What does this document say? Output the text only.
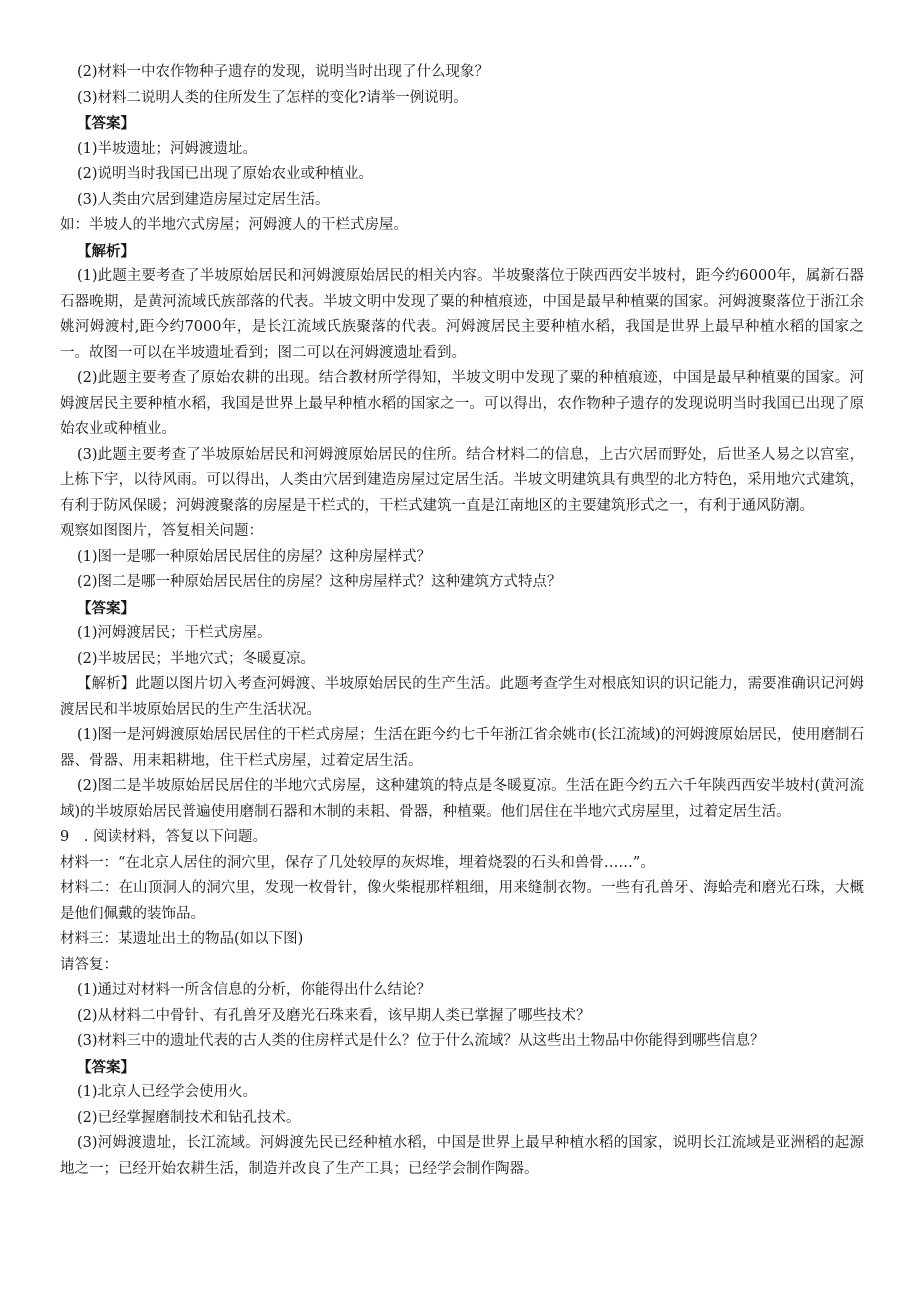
(2)材料一中农作物种子遗存的发现，说明当时出现了什么现象？

(3)材料二说明人类的住所发生了怎样的变化?请举一例说明。

【答案】

(1)半坡遗址；河姆渡遗址。

(2)说明当时我国已出现了原始农业或种植业。

(3)人类由穴居到建造房屋过定居生活。

如：半坡人的半地穴式房屋；河姆渡人的干栏式房屋。

【解析】

(1)此题主要考查了半坡原始居民和河姆渡原始居民的相关内容。半坡聚落位于陕西西安半坡村，距今约6000年，属新石器石器晚期，是黄河流域氏族部落的代表。半坡文明中发现了粟的种植痕迹，中国是最早种植粟的国家。河姆渡聚落位于浙江余姚河姆渡村,距今约7000年，是长江流域氏族聚落的代表。河姆渡居民主要种植水稻，我国是世界上最早种植水稻的国家之一。故图一可以在半坡遗址看到；图二可以在河姆渡遗址看到。

(2)此题主要考查了原始农耕的出现。结合教材所学得知，半坡文明中发现了粟的种植痕迹，中国是最早种植粟的国家。河姆渡居民主要种植水稻，我国是世界上最早种植水稻的国家之一。可以得出，农作物种子遗存的发现说明当时我国已出现了原始农业或种植业。

(3)此题主要考查了半坡原始居民和河姆渡原始居民的住所。结合材料二的信息，上古穴居而野处，后世圣人易之以宫室，上栋下宇，以待风雨。可以得出，人类由穴居到建造房屋过定居生活。半坡文明建筑具有典型的北方特色，采用地穴式建筑，有利于防风保暖；河姆渡聚落的房屋是干栏式的，干栏式建筑一直是江南地区的主要建筑形式之一，有利于通风防潮。

观察如图图片，答复相关问题：

(1)图一是哪一种原始居民居住的房屋？这种房屋样式？

(2)图二是哪一种原始居民居住的房屋？这种房屋样式？这种建筑方式特点？

【答案】

(1)河姆渡居民；干栏式房屋。

(2)半坡居民；半地穴式；冬暖夏凉。

【解析】此题以图片切入考查河姆渡、半坡原始居民的生产生活。此题考查学生对根底知识的识记能力，需要准确识记河姆渡居民和半坡原始居民的生产生活状况。

(1)图一是河姆渡原始居民居住的干栏式房屋；生活在距今约七千年浙江省余姚市(长江流域)的河姆渡原始居民，使用磨制石器、骨器、用耒耜耕地，住干栏式房屋，过着定居生活。

(2)图二是半坡原始居民居住的半地穴式房屋，这种建筑的特点是冬暖夏凉。生活在距今约五六千年陕西西安半坡村(黄河流域)的半坡原始居民普遍使用磨制石器和木制的耒耜、骨器，种植粟。他们居住在半地穴式房屋里，过着定居生活。

9　. 阅读材料，答复以下问题。

材料一：“在北京人居住的洞穴里，保存了几处较厚的灰烬堆，埋着烧裂的石头和兽骨……”。

材料二：在山顶洞人的洞穴里，发现一枚骨针，像火柴棍那样粗细，用来缝制衣物。一些有孔兽牙、海蛤壳和磨光石珠，大概是他们佩戴的装饰品。

材料三：某遗址出土的物品(如以下图)

请答复：

(1)通过对材料一所含信息的分析，你能得出什么结论？

(2)从材料二中骨针、有孔兽牙及磨光石珠来看，该早期人类已掌握了哪些技术？

(3)材料三中的遗址代表的古人类的住房样式是什么？位于什么流域？从这些出土物品中你能得到哪些信息？

【答案】

(1)北京人已经学会使用火。

(2)已经掌握磨制技术和钻孔技术。

(3)河姆渡遗址，长江流域。河姆渡先民已经种植水稻，中国是世界上最早种植水稻的国家，说明长江流域是亚洲稻的起源地之一；已经开始农耕生活，制造并改良了生产工具；已经学会制作陶器。
